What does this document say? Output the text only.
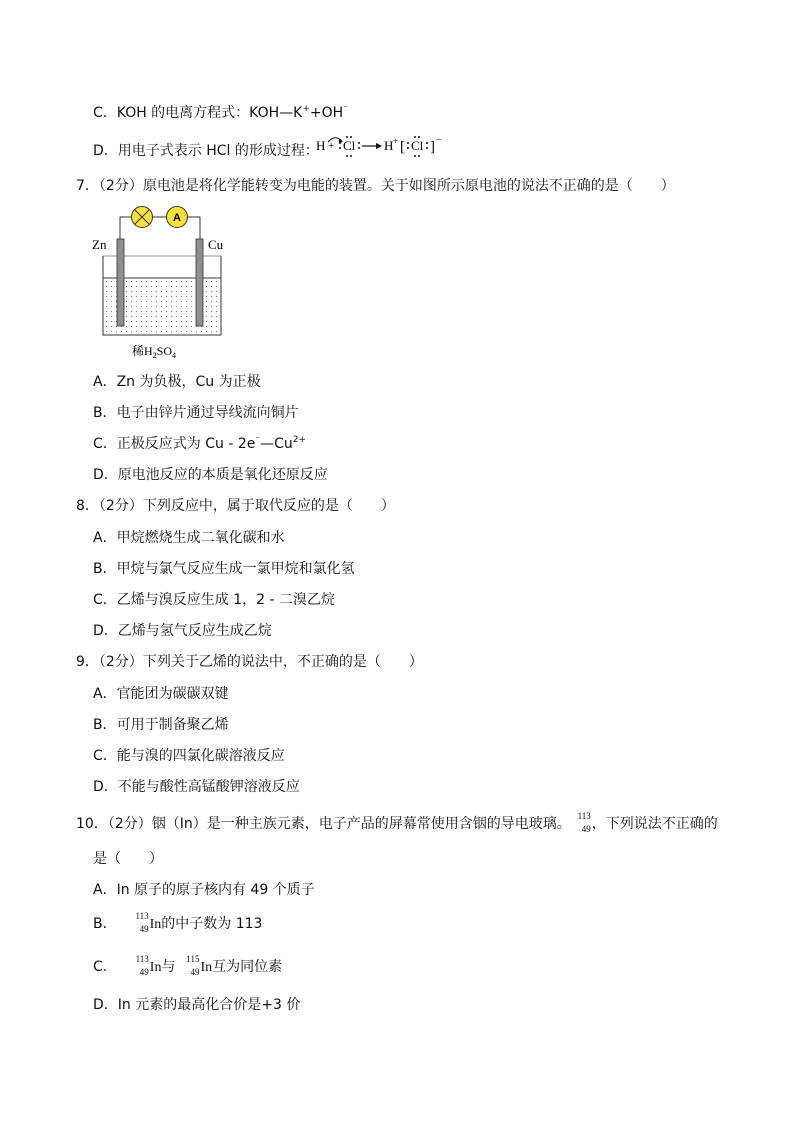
C．KOH 的电离方程式：KOH—K++OH⁻
D．用电子式表示 HCl 的形成过程：
H + Cl H + [ Cl ] −
7．（2分）原电池是将化学能转变为电能的装置。关于如图所示原电池的说法不正确的是（　　）
A
Zn	Cu
稀$H_2SO_4$
A．Zn 为负极，Cu 为正极
B．电子由锌片通过导线流向铜片
C．正极反应式为 Cu - $2e^{^-}—Cu^{2+}$
D．原电池反应的本质是氧化还原反应
8．（2分）下列反应中，属于取代反应的是（　　）
A．甲烷燃烧生成二氧化碳和水
B．甲烷与氯气反应生成一氯甲烷和氯化氢
C．乙烯与溴反应生成 1，2 - 二溴乙烷
D．乙烯与氢气反应生成乙烷
9．（2分）下列关于乙烯的说法中，不正确的是（　　）
A．官能团为碳碳双键
B．可用于制备聚乙烯
C．能与溴的四氯化碳溶液反应
D．不能与酸性高锰酸钾溶液反应
10．（2分）铟（In）是一种主族元素，电子产品的屏幕常使用含铟的导电玻璃。 113
49 ，下列说法不正确的
是（　　）
A．In 原子的原子核内有 49 个质子
B． 113
49 In的中子数为 113
C． 113
49 In与 115
49 In互为同位素
D．In 元素的最高化合价是+3 价
